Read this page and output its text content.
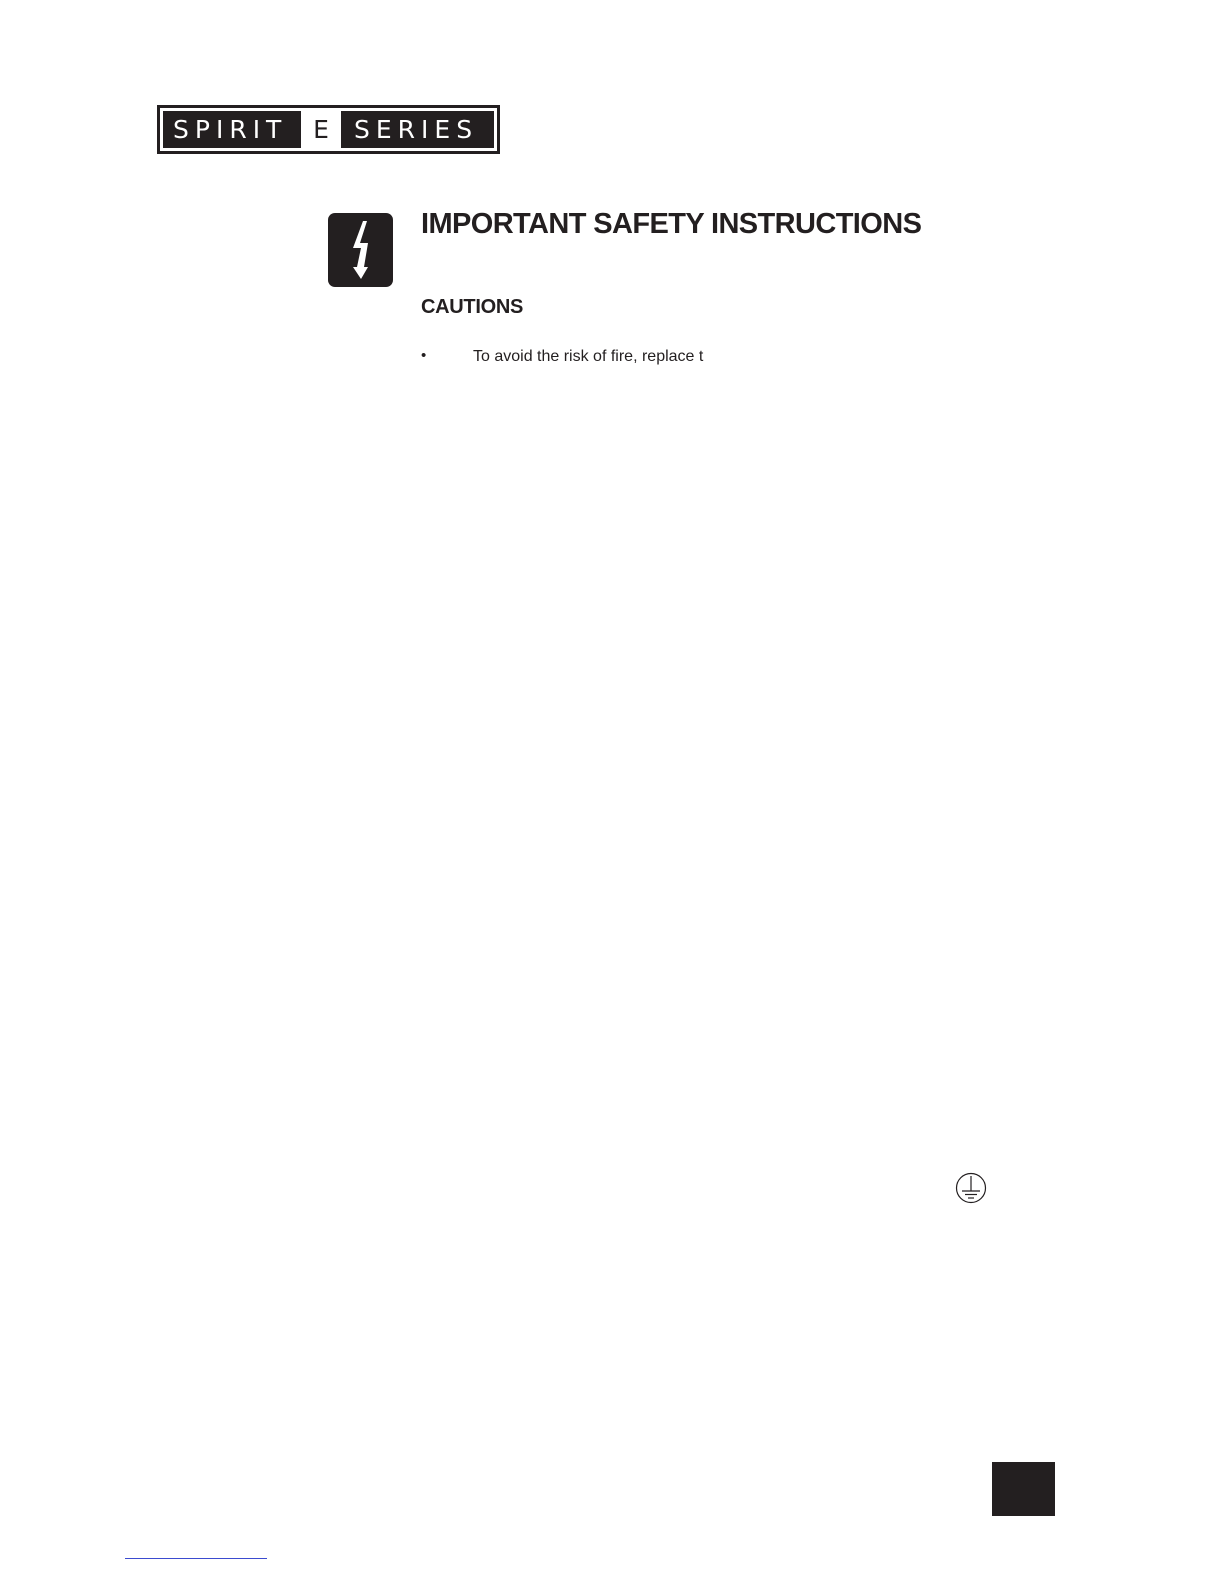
SPIRIT	E	SERIES
IMPORTANT SAFETY INSTRUCTIONS
CAUTIONS
•	To avoid the risk of fire, replace t
